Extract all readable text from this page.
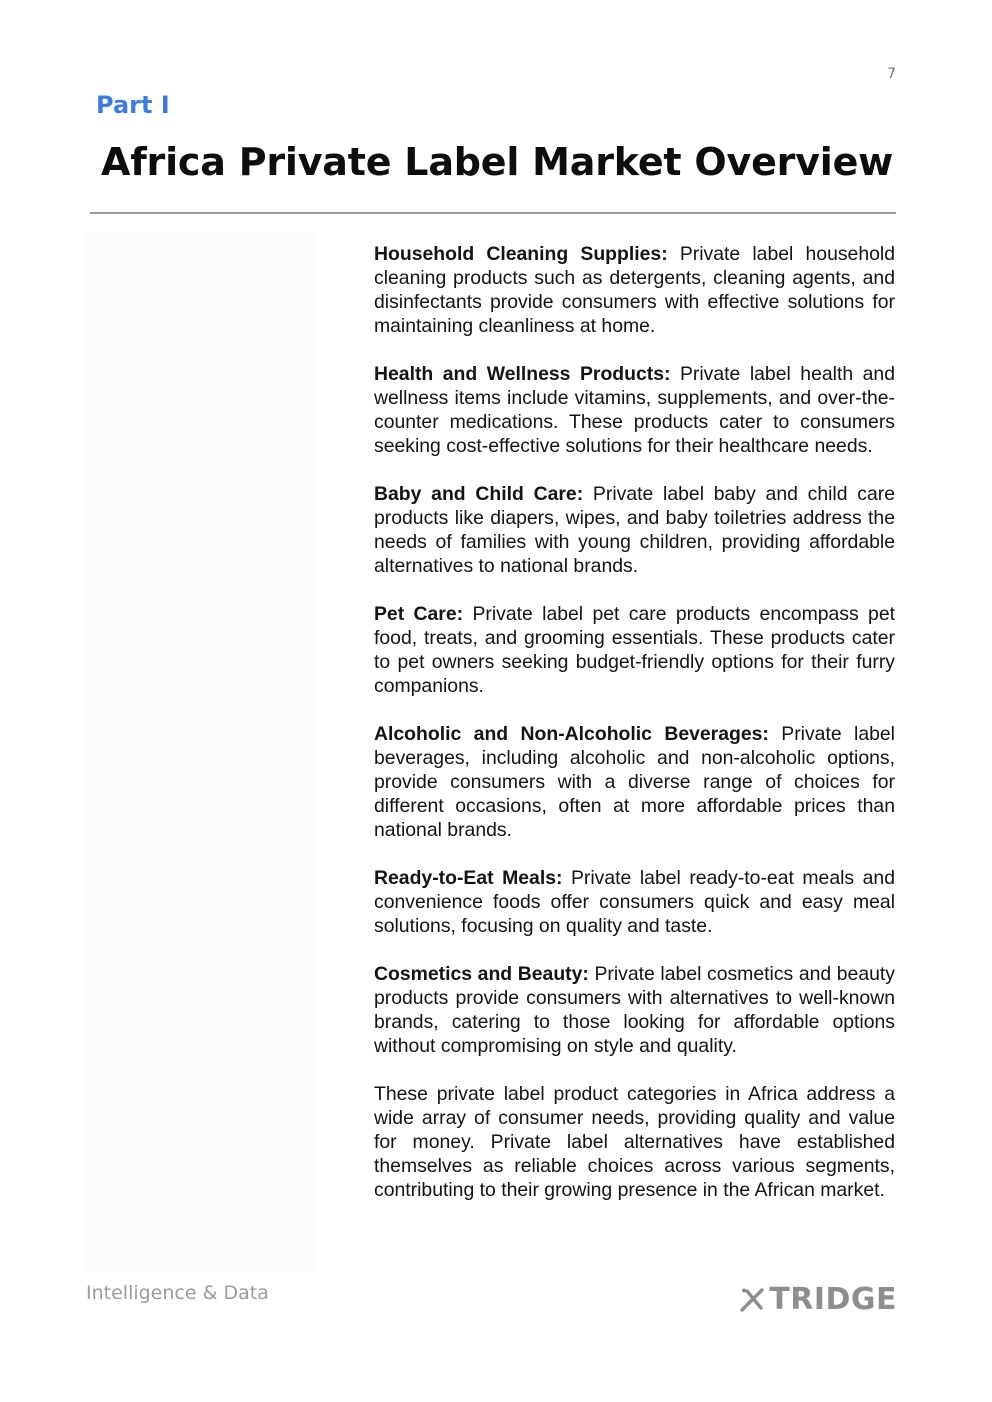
7
Part I
Africa Private Label Market Overview

Household Cleaning Supplies: Private label household cleaning products such as detergents, cleaning agents, and disinfectants provide consumers with effective solutions for maintaining cleanliness at home.

Health and Wellness Products: Private label health and wellness items include vitamins, supplements, and over-the-counter medications. These products cater to consumers seeking cost-effective solutions for their healthcare needs.

Baby and Child Care: Private label baby and child care products like diapers, wipes, and baby toiletries address the needs of families with young children, providing affordable alternatives to national brands.

Pet Care: Private label pet care products encompass pet food, treats, and grooming essentials. These products cater to pet owners seeking budget-friendly options for their furry companions.

Alcoholic and Non-Alcoholic Beverages: Private label beverages, including alcoholic and non-alcoholic options, provide consumers with a diverse range of choices for different occasions, often at more affordable prices than national brands.

Ready-to-Eat Meals: Private label ready-to-eat meals and convenience foods offer consumers quick and easy meal solutions, focusing on quality and taste.

Cosmetics and Beauty: Private label cosmetics and beauty products provide consumers with alternatives to well-known brands, catering to those looking for affordable options without compromising on style and quality.

These private label product categories in Africa address a wide array of consumer needs, providing quality and value for money. Private label alternatives have established themselves as reliable choices across various segments, contributing to their growing presence in the African market.

Intelligence & Data	TRIDGE
